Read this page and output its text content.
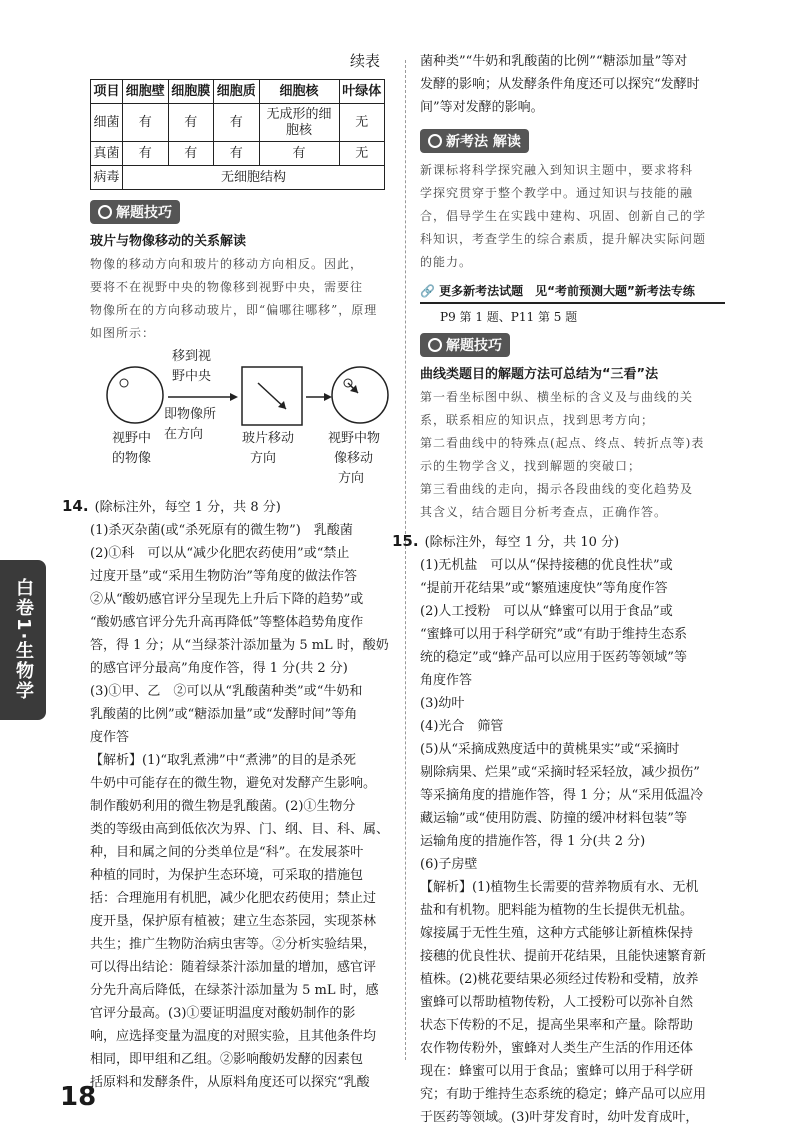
续表
项目	细胞壁	细胞膜	细胞质	细胞核	叶绿体
细菌	有	有	有	无成形的细胞核	无
真菌	有	有	有	有	无
病毒	无细胞结构				
解题技巧
玻片与物像移动的关系解读
物像的移动方向和玻片的移动方向相反。因此，
要将不在视野中央的物像移到视野中央，需要往
物像所在的方向移动玻片，即“偏哪往哪移”，原理
如图所示：
移到视
野中央
即物像所
在方向
视野中
的物像
玻片移动
方向
视野中物
像移动
方向
14. (除标注外，每空 1 分，共 8 分)
(1)杀灭杂菌(或“杀死原有的微生物”)　乳酸菌
(2)①科　可以从“减少化肥农药使用”或“禁止
过度开垦”或“采用生物防治”等角度的做法作答
②从“酸奶感官评分呈现先上升后下降的趋势”或
“酸奶感官评分先升高再降低”等整体趋势角度作
答，得 1 分；从“当绿茶汁添加量为 5 mL 时，酸奶
的感官评分最高”角度作答，得 1 分(共 2 分)
(3)①甲、乙　②可以从“乳酸菌种类”或“牛奶和
乳酸菌的比例”或“糖添加量”或“发酵时间”等角
度作答
【解析】(1)“取乳煮沸”中“煮沸”的目的是杀死
牛奶中可能存在的微生物，避免对发酵产生影响。
制作酸奶利用的微生物是乳酸菌。(2)①生物分
类的等级由高到低依次为界、门、纲、目、科、属、
种，目和属之间的分类单位是“科”。在发展茶叶
种植的同时，为保护生态环境，可采取的措施包
括：合理施用有机肥，减少化肥农药使用；禁止过
度开垦，保护原有植被；建立生态茶园，实现茶林
共生；推广生物防治病虫害等。②分析实验结果，
可以得出结论：随着绿茶汁添加量的增加，感官评
分先升高后降低，在绿茶汁添加量为 5 mL 时，感
官评分最高。(3)①要证明温度对酸奶制作的影
响，应选择变量为温度的对照实验，且其他条件均
相同，即甲组和乙组。②影响酸奶发酵的因素包
括原料和发酵条件，从原料角度还可以探究“乳酸
菌种类”“牛奶和乳酸菌的比例”“糖添加量”等对
发酵的影响；从发酵条件角度还可以探究“发酵时
间”等对发酵的影响。
新考法 解读
新课标将科学探究融入到知识主题中，要求将科
学探究贯穿于整个教学中。通过知识与技能的融
合，倡导学生在实践中建构、巩固、创新自己的学
科知识，考查学生的综合素质，提升解决实际问题
的能力。
🔗 更多新考法试题　见“考前预测大题”新考法专练
P9 第 1 题、P11 第 5 题
解题技巧
曲线类题目的解题方法可总结为“三看”法
第一看坐标图中纵、横坐标的含义及与曲线的关
系，联系相应的知识点，找到思考方向；
第二看曲线中的特殊点(起点、终点、转折点等)表
示的生物学含义，找到解题的突破口；
第三看曲线的走向，揭示各段曲线的变化趋势及
其含义，结合题目分析考查点，正确作答。
15. (除标注外，每空 1 分，共 10 分)
(1)无机盐　可以从“保持接穗的优良性状”或
“提前开花结果”或“繁殖速度快”等角度作答
(2)人工授粉　可以从“蜂蜜可以用于食品”或
“蜜蜂可以用于科学研究”或“有助于维持生态系
统的稳定”或“蜂产品可以应用于医药等领域”等
角度作答
(3)幼叶
(4)光合　筛管
(5)从“采摘成熟度适中的黄桃果实”或“采摘时
剔除病果、烂果”或“采摘时轻采轻放，减少损伤”
等采摘角度的措施作答，得 1 分；从“采用低温冷
藏运输”或“使用防震、防撞的缓冲材料包装”等
运输角度的措施作答，得 1 分(共 2 分)
(6)子房壁
【解析】(1)植物生长需要的营养物质有水、无机
盐和有机物。肥料能为植物的生长提供无机盐。
嫁接属于无性生殖，这种方式能够让新植株保持
接穗的优良性状、提前开花结果，且能快速繁育新
植株。(2)桃花要结果必须经过传粉和受精，放养
蜜蜂可以帮助植物传粉，人工授粉可以弥补自然
状态下传粉的不足，提高坐果率和产量。除帮助
农作物传粉外，蜜蜂对人类生产生活的作用还体
现在：蜂蜜可以用于食品；蜜蜂可以用于科学研
究；有助于维持生态系统的稳定；蜂产品可以应用
于医药等领域。(3)叶芽发育时，幼叶发育成叶，
白卷1·生物学
18
